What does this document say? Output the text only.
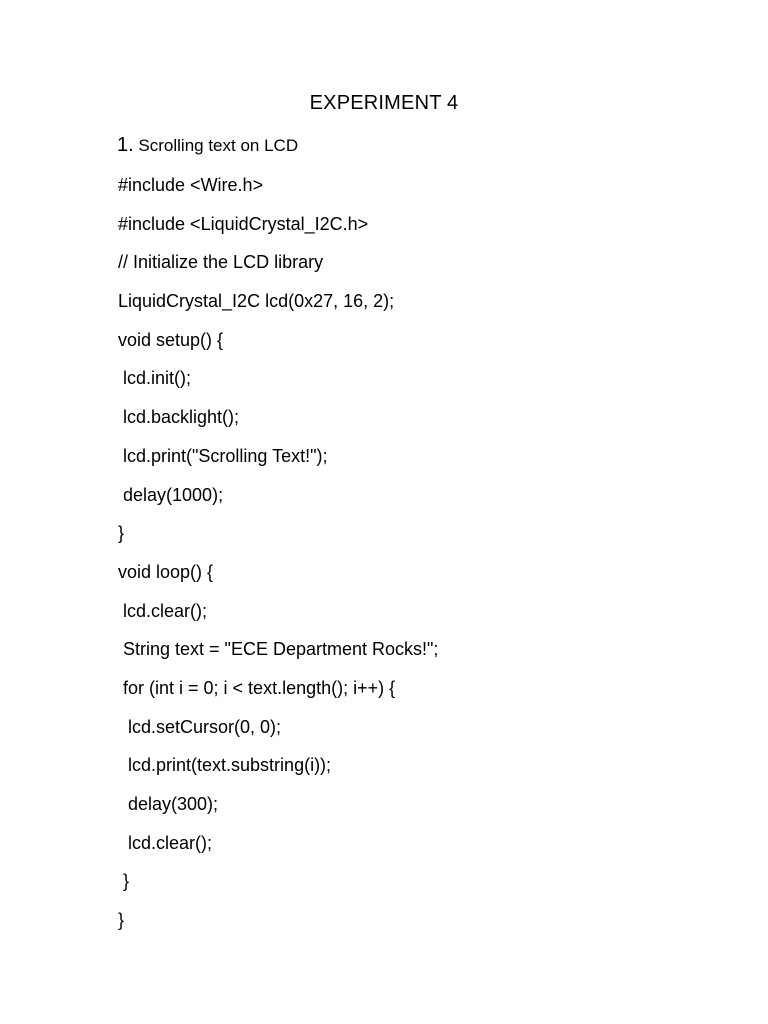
EXPERIMENT 4
1. Scrolling text on LCD
#include <Wire.h>
#include <LiquidCrystal_I2C.h>
// Initialize the LCD library
LiquidCrystal_I2C lcd(0x27, 16, 2);
void setup() {
lcd.init();
lcd.backlight();
lcd.print("Scrolling Text!");
delay(1000);
}
void loop() {
lcd.clear();
String text = "ECE Department Rocks!";
for (int i = 0; i < text.length(); i++) {
lcd.setCursor(0, 0);
lcd.print(text.substring(i));
delay(300);
lcd.clear();
}
}
